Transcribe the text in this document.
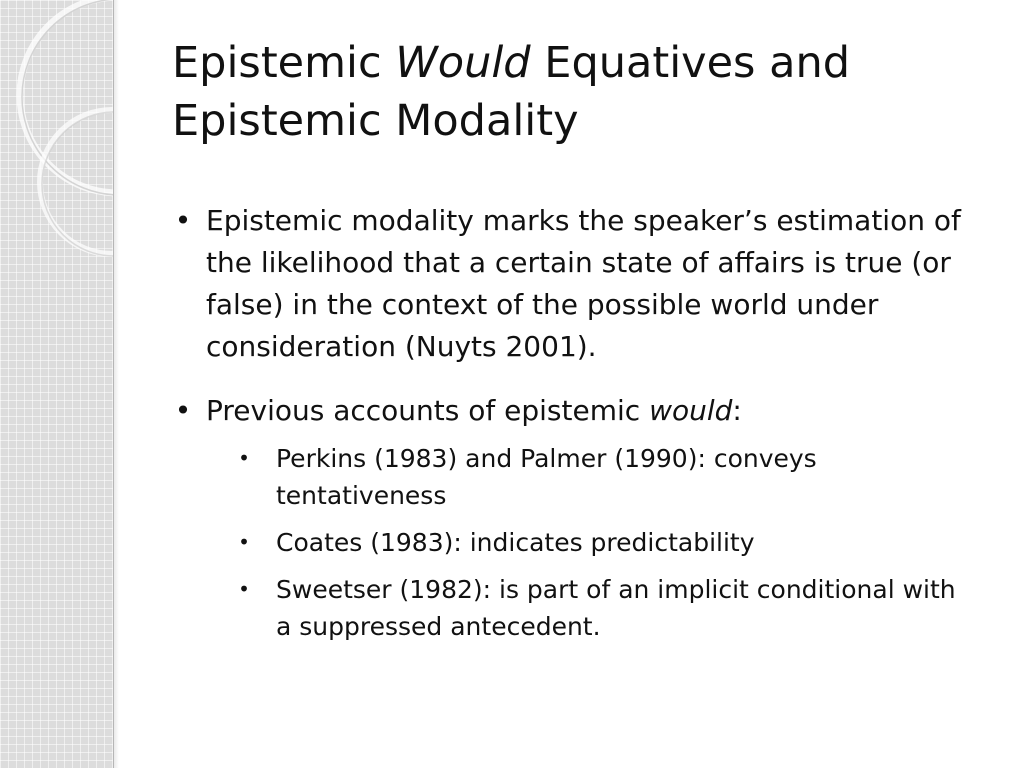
Epistemic Would Equatives and
Epistemic Modality
• Epistemic modality marks the speaker’s estimation of the likelihood that a certain state of affairs is true (or false) in the context of the possible world under consideration (Nuyts 2001).
• Previous accounts of epistemic would:
• Perkins (1983) and Palmer (1990): conveys tentativeness
• Coates (1983): indicates predictability
• Sweetser (1982): is part of an implicit conditional with a suppressed antecedent.
